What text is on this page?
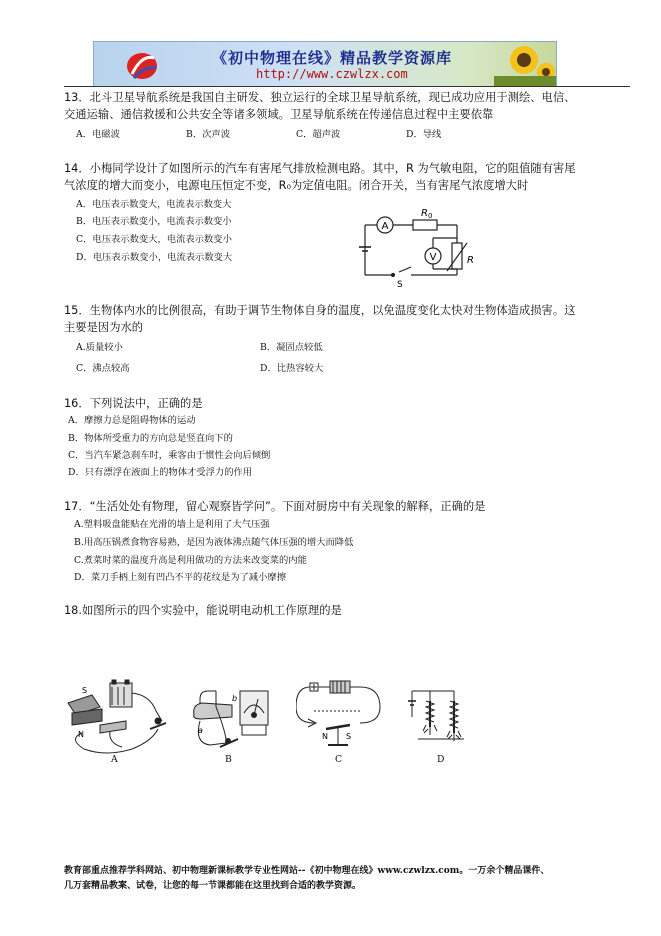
《初中物理在线》精品教学资源库
http://www.czwlzx.com
13．北斗卫星导航系统是我国自主研发、独立运行的全球卫星导航系统，现已成功应用于测绘、电信、
交通运输、通信救援和公共安全等诸多领域。卫星导航系统在传递信息过程中主要依靠
A．电磁波	B．次声波	C．超声波	D．导线
14．小梅同学设计了如图所示的汽车有害尾气排放检测电路。其中，R 为气敏电阻，它的阻值随有害尾
气浓度的增大而变小，电源电压恒定不变，R₀为定值电阻。闭合开关，当有害尾气浓度增大时
A．电压表示数变大，电流表示数变大
B．电压表示数变小，电流表示数变小
C．电压表示数变大，电流表示数变小
D．电压表示数变小，电流表示数变大
A
V
R 0
R
S
15．生物体内水的比例很高，有助于调节生物体自身的温度，以免温度变化太快对生物体造成损害。这
主要是因为水的
A.质量较小	B．凝固点较低
C．沸点较高	D．比热容较大
16．下列说法中，正确的是
A．摩擦力总是阻碍物体的运动
B．物体所受重力的方向总是竖直向下的
C．当汽车紧急刹车时，乘客由于惯性会向后倾倒
D．只有漂浮在液面上的物体才受浮力的作用
17．“生活处处有物理，留心观察皆学问”。下面对厨房中有关现象的解释，正确的是
A.塑料吸盘能贴在光滑的墙上是利用了大气压强
B.用高压锅煮食物容易熟，是因为液体沸点随气体压强的增大而降低
C.煮菜时菜的温度升高是利用做功的方法来改变菜的内能
D．菜刀手柄上刻有凹凸不平的花纹是为了减小摩擦
18.如图所示的四个实验中，能说明电动机工作原理的是
S
N
A
a
b
B
N S
C	D
教育部重点推荐学科网站、初中物理新课标教学专业性网站--《初中物理在线》www.czwlzx.com。一万余个精品课件、
几万套精品教案、试卷，让您的每一节课都能在这里找到合适的教学资源。
